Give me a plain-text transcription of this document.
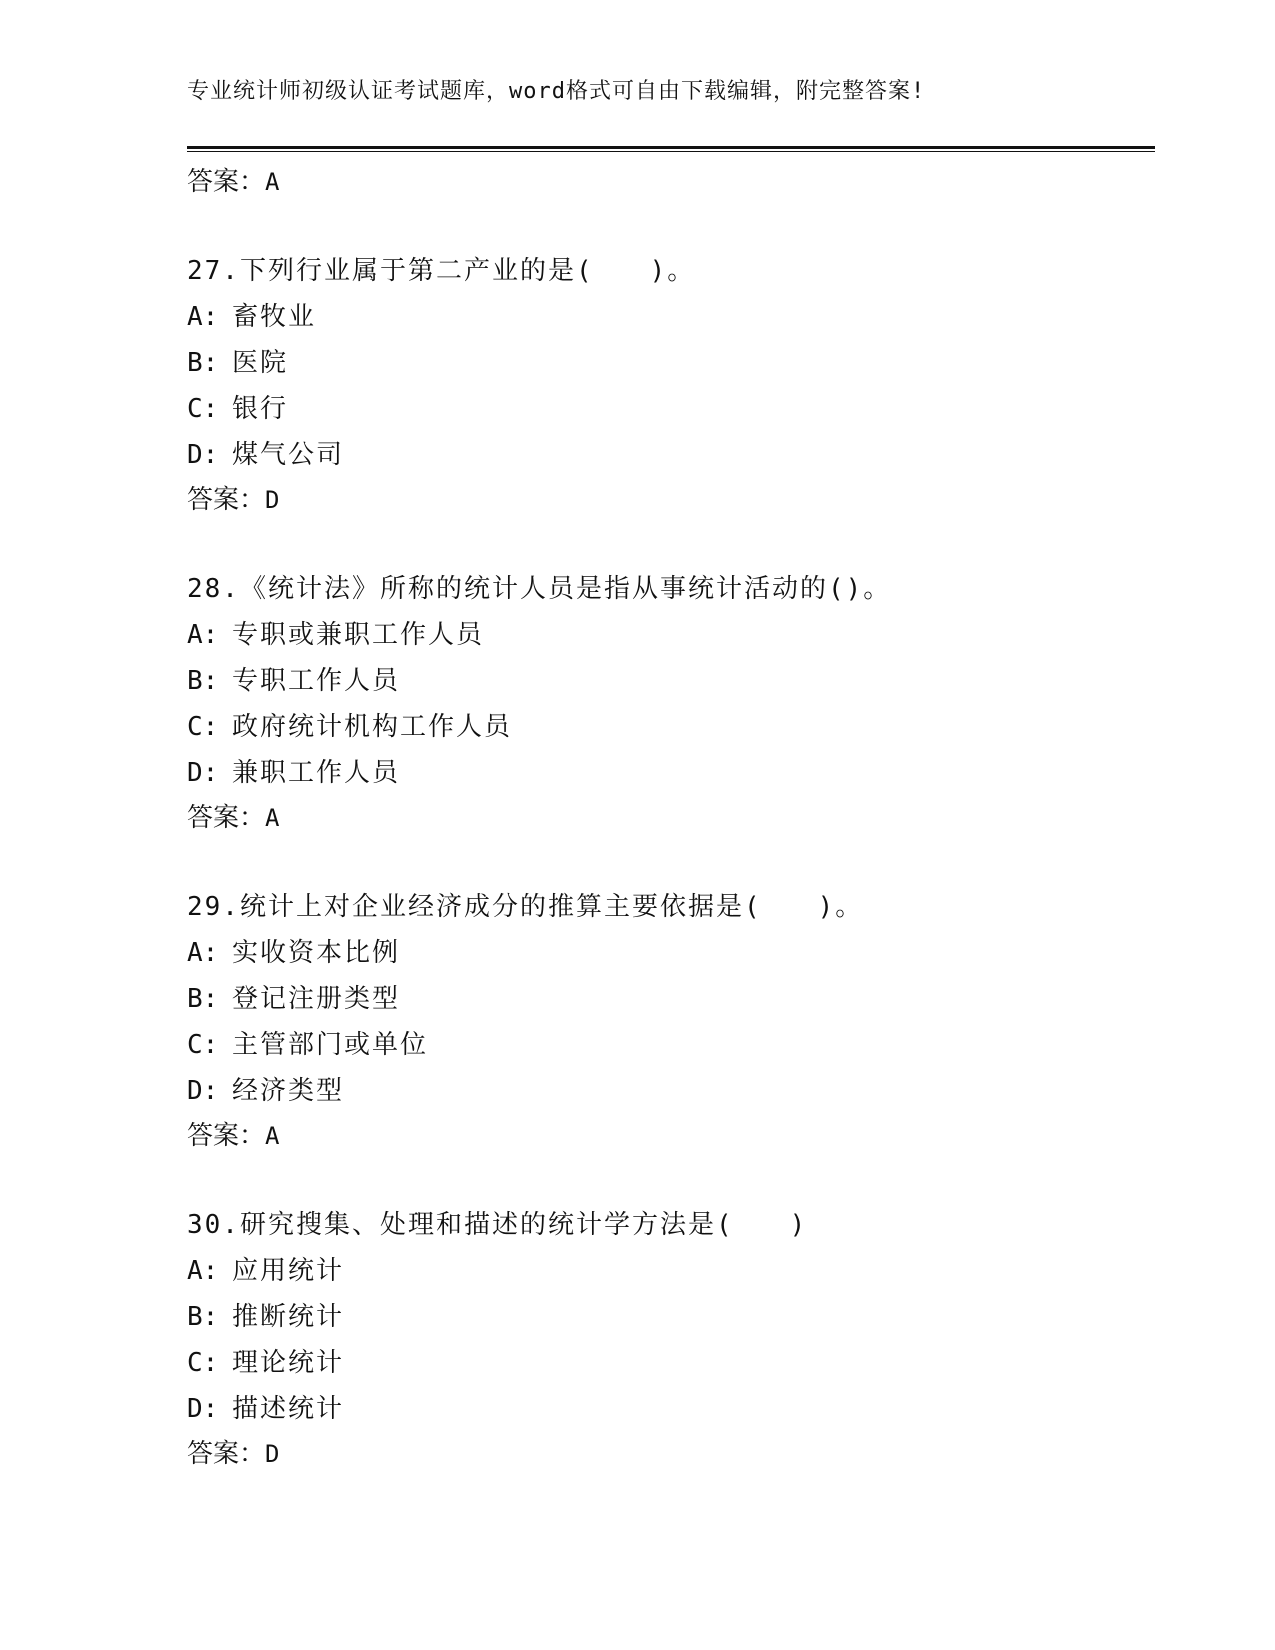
专业统计师初级认证考试题库，word格式可自由下载编辑，附完整答案!
答案：A
27.下列行业属于第二产业的是(　　)。
A: 畜牧业
B: 医院
C: 银行
D: 煤气公司
答案：D
28.《统计法》所称的统计人员是指从事统计活动的()。
A: 专职或兼职工作人员
B: 专职工作人员
C: 政府统计机构工作人员
D: 兼职工作人员
答案：A
29.统计上对企业经济成分的推算主要依据是(　　)。
A: 实收资本比例
B: 登记注册类型
C: 主管部门或单位
D: 经济类型
答案：A
30.研究搜集、处理和描述的统计学方法是(　　)
A: 应用统计
B: 推断统计
C: 理论统计
D: 描述统计
答案：D
